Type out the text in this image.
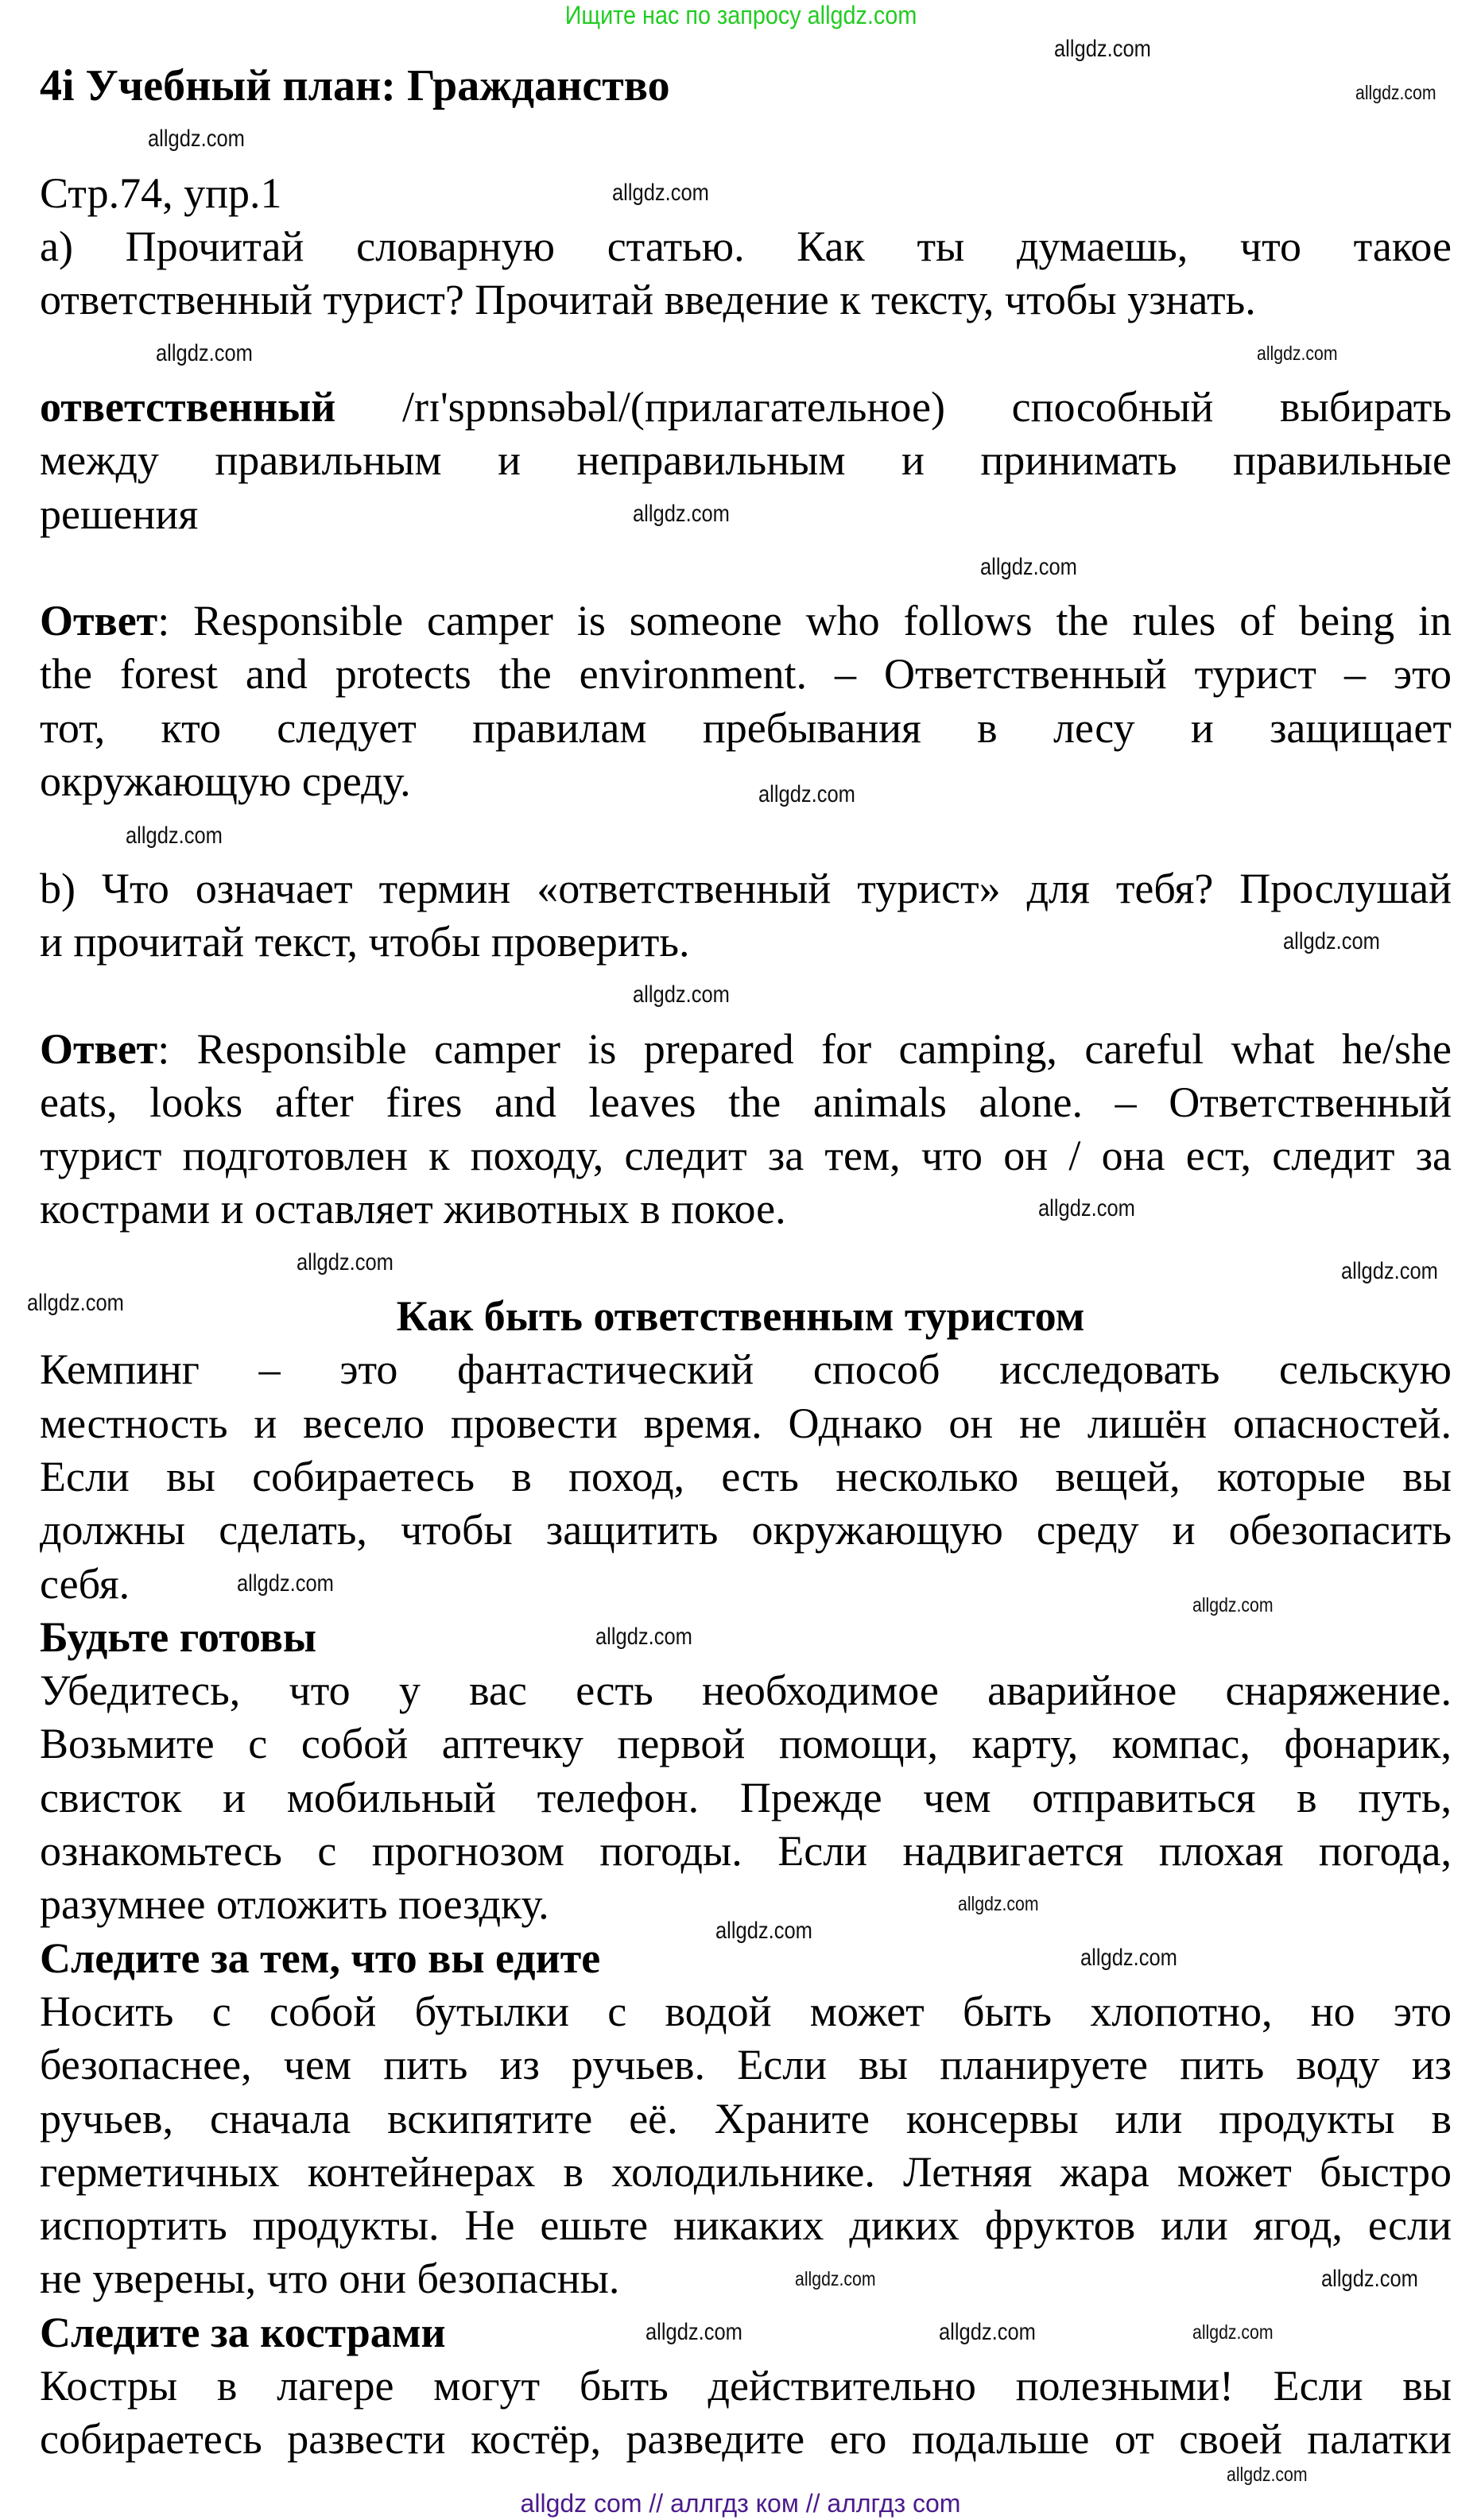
Ищите нас по запросу allgdz.com
4i Учебный план: Гражданство
Стр.74, упр.1
а) Прочитай словарную статью. Как ты думаешь, что такое
ответственный турист? Прочитай введение к тексту, чтобы узнать.
ответственный /rɪ'spɒnsəbəl/(прилагательное) способный выбирать
между правильным и неправильным и принимать правильные
решения
Ответ: Responsible camper is someone who follows the rules of being in
the forest and protects the environment. – Ответственный турист – это
тот, кто следует правилам пребывания в лесу и защищает
окружающую среду.
b) Что означает термин «ответственный турист» для тебя? Прослушай
и прочитай текст, чтобы проверить.
Ответ: Responsible camper is prepared for camping, careful what he/she
eats, looks after fires and leaves the animals alone. – Ответственный
турист подготовлен к походу, следит за тем, что он / она ест, следит за
кострами и оставляет животных в покое.
Как быть ответственным туристом
Кемпинг – это фантастический способ исследовать сельскую
местность и весело провести время. Однако он не лишён опасностей.
Если вы собираетесь в поход, есть несколько вещей, которые вы
должны сделать, чтобы защитить окружающую среду и обезопасить
себя.
Будьте готовы
Убедитесь, что у вас есть необходимое аварийное снаряжение.
Возьмите с собой аптечку первой помощи, карту, компас, фонарик,
свисток и мобильный телефон. Прежде чем отправиться в путь,
ознакомьтесь с прогнозом погоды. Если надвигается плохая погода,
разумнее отложить поездку.
Следите за тем, что вы едите
Носить с собой бутылки с водой может быть хлопотно, но это
безопаснее, чем пить из ручьев. Если вы планируете пить воду из
ручьев, сначала вскипятите её. Храните консервы или продукты в
герметичных контейнерах в холодильнике. Летняя жара может быстро
испортить продукты. Не ешьте никаких диких фруктов или ягод, если
не уверены, что они безопасны.
Следите за кострами
Костры в лагере могут быть действительно полезными! Если вы
собираетесь развести костёр, разведите его подальше от своей палатки
allgdz.com
allgdz.com
allgdz.com
allgdz.com
allgdz.com	allgdz.com
allgdz.com
allgdz.com
allgdz.com
allgdz.com
allgdz.com
allgdz.com
allgdz.com
allgdz.com	allgdz.com
allgdz.com
allgdz.com
allgdz.com
allgdz.com
allgdz.com
allgdz.com
allgdz.com
allgdz.com	allgdz.com
allgdz.com	allgdz.com	allgdz.com
allgdz.com
allgdz com // аллгдз ком // аллгдз com
